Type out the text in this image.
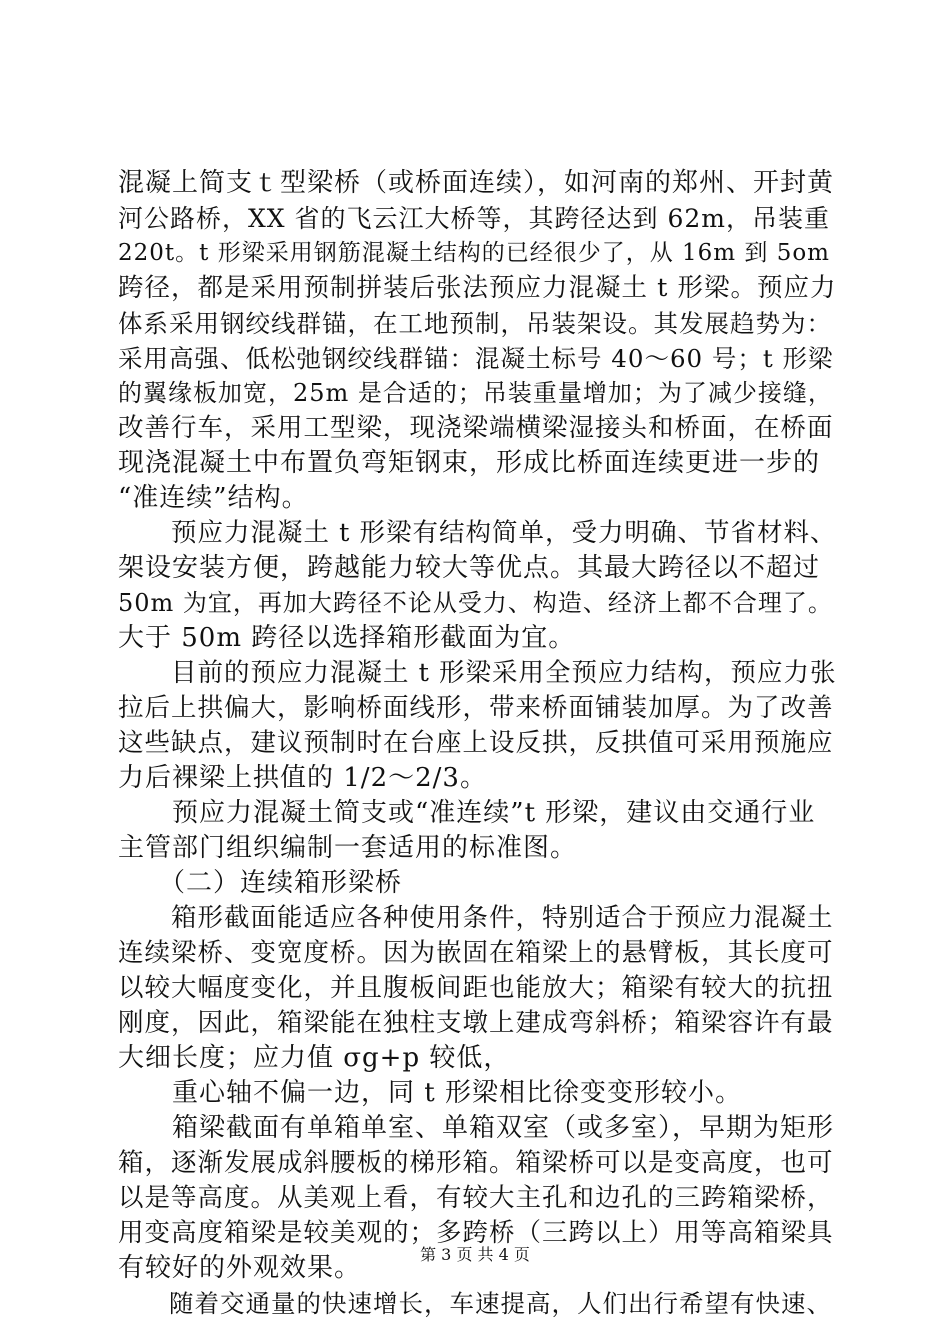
混凝上简支ｔ型梁桥（或桥面连续），如河南的郑州、开封黄
河公路桥，XX 省的飞云江大桥等，其跨径达到 62m，吊装重
220t。t 形梁采用钢筋混凝土结构的已经很少了，从 16m 到 5om
跨径，都是采用预制拼装后张法预应力混凝土 t 形梁。预应力
体系采用钢绞线群锚，在工地预制，吊装架设。其发展趋势为：
采用高强、低松弛钢绞线群锚：混凝土标号 40～60 号；t 形梁
的翼缘板加宽，25m 是合适的；吊装重量增加；为了减少接缝，
改善行车，采用工型梁，现浇梁端横梁湿接头和桥面，在桥面
现浇混凝土中布置负弯矩钢束，形成比桥面连续更进一步的
“准连续”结构。
　　预应力混凝土 t 形梁有结构简单，受力明确、节省材料、
架设安装方便，跨越能力较大等优点。其最大跨径以不超过
50m 为宜，再加大跨径不论从受力、构造、经济上都不合理了。
大于 50m 跨径以选择箱形截面为宜。
　　目前的预应力混凝土 t 形梁采用全预应力结构，预应力张
拉后上拱偏大，影响桥面线形，带来桥面铺装加厚。为了改善
这些缺点，建议预制时在台座上设反拱，反拱值可采用预施应
力后裸梁上拱值的 1/2～2/3。
　　预应力混凝土简支或“准连续”t 形梁，建议由交通行业
主管部门组织编制一套适用的标准图。
　　（二）连续箱形梁桥
　　箱形截面能适应各种使用条件，特别适合于预应力混凝土
连续梁桥、变宽度桥。因为嵌固在箱梁上的悬臂板，其长度可
以较大幅度变化，并且腹板间距也能放大；箱梁有较大的抗扭
刚度，因此，箱梁能在独柱支墩上建成弯斜桥；箱梁容许有最
大细长度；应力值 σg+p 较低，
　　重心轴不偏一边，同 t 形梁相比徐变变形较小。
　　箱梁截面有单箱单室、单箱双室（或多室），早期为矩形
箱，逐渐发展成斜腰板的梯形箱。箱梁桥可以是变高度，也可
以是等高度。从美观上看，有较大主孔和边孔的三跨箱梁桥，
用变高度箱梁是较美观的；多跨桥（三跨以上）用等高箱梁具
有较好的外观效果。
　　随着交通量的快速增长，车速提高，人们出行希望有快速、
第 3 页 共 4 页
